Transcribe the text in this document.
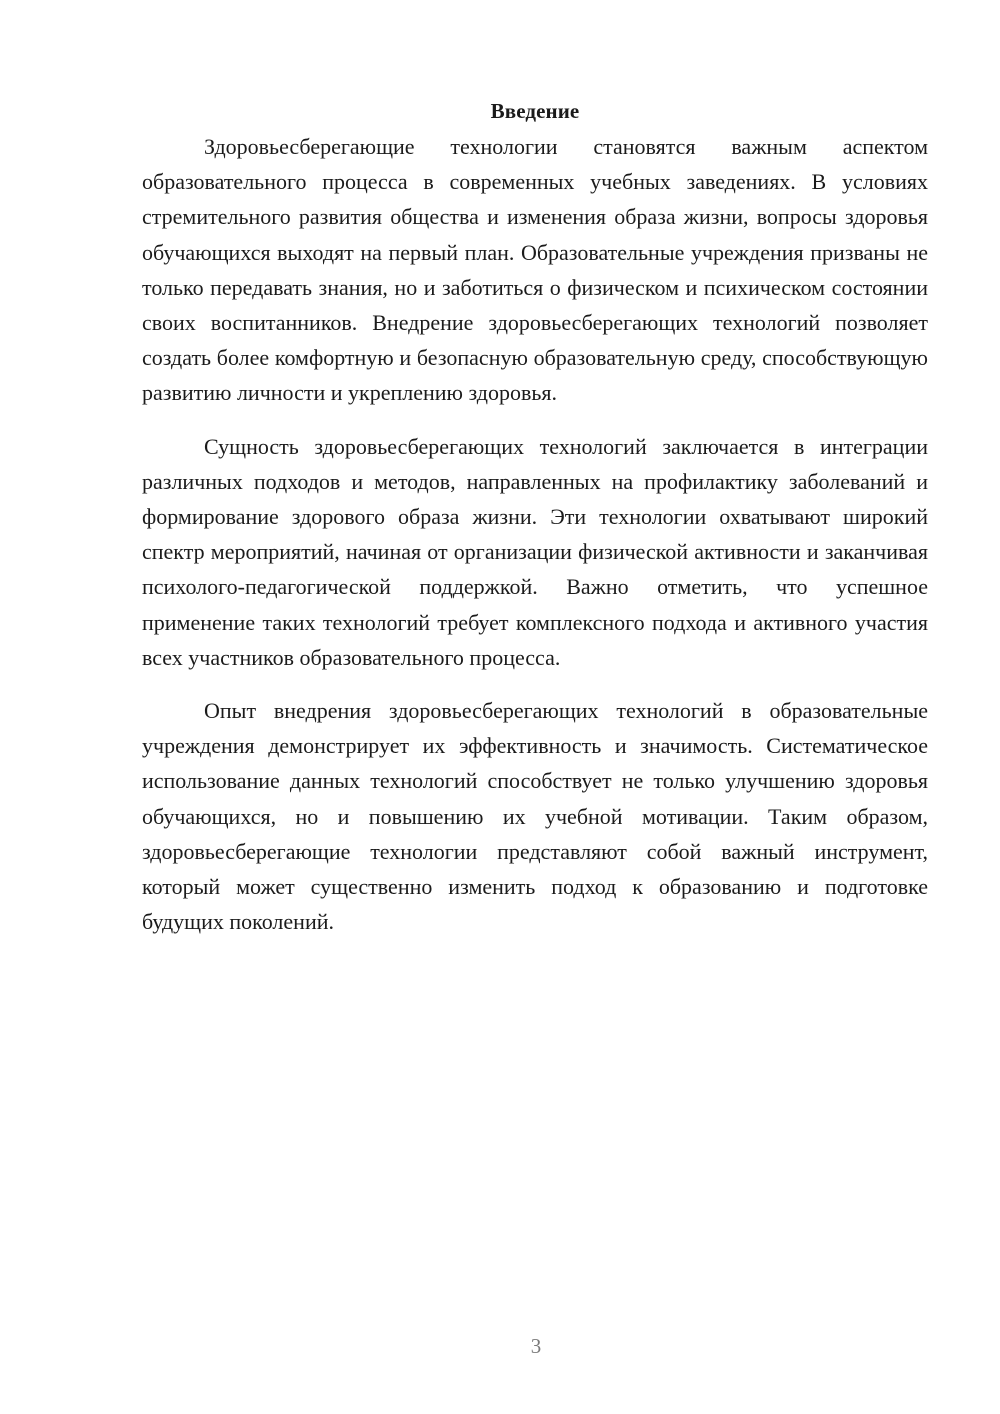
Введение

Здоровьесберегающие технологии становятся важным аспектом образовательного процесса в современных учебных заведениях. В условиях стремительного развития общества и изменения образа жизни, вопросы здоровья обучающихся выходят на первый план. Образовательные учреждения призваны не только передавать знания, но и заботиться о физическом и психическом состоянии своих воспитанников. Внедрение здоровьесберегающих технологий позволяет создать более комфортную и безопасную образовательную среду, способствующую развитию личности и укреплению здоровья.

Сущность здоровьесберегающих технологий заключается в интеграции различных подходов и методов, направленных на профилактику заболеваний и формирование здорового образа жизни. Эти технологии охватывают широкий спектр мероприятий, начиная от организации физической активности и заканчивая психолого-педагогической поддержкой. Важно отметить, что успешное применение таких технологий требует комплексного подхода и активного участия всех участников образовательного процесса.

Опыт внедрения здоровьесберегающих технологий в образовательные учреждения демонстрирует их эффективность и значимость. Систематическое использование данных технологий способствует не только улучшению здоровья обучающихся, но и повышению их учебной мотивации. Таким образом, здоровьесберегающие технологии представляют собой важный инструмент, который может существенно изменить подход к образованию и подготовке будущих поколений.

3
